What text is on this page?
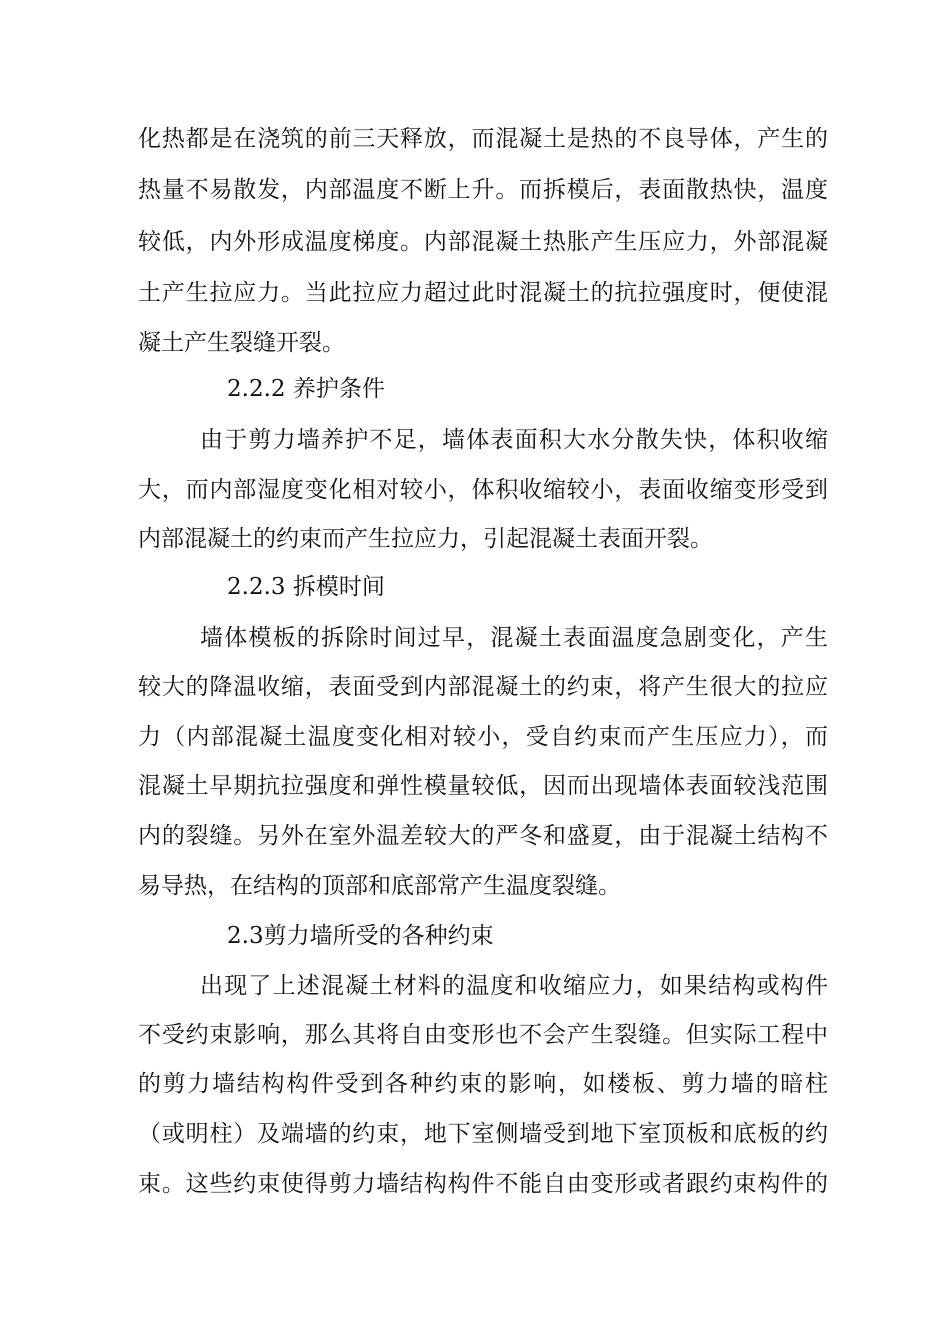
化热都是在浇筑的前三天释放，而混凝土是热的不良导体，产生的
热量不易散发，内部温度不断上升。而拆模后，表面散热快，温度
较低，内外形成温度梯度。内部混凝土热胀产生压应力，外部混凝
土产生拉应力。当此拉应力超过此时混凝土的抗拉强度时，便使混
凝土产生裂缝开裂。
2.2.2 养护条件
由于剪力墙养护不足，墙体表面积大水分散失快，体积收缩
大，而内部湿度变化相对较小，体积收缩较小，表面收缩变形受到
内部混凝土的约束而产生拉应力，引起混凝土表面开裂。
2.2.3 拆模时间
墙体模板的拆除时间过早，混凝土表面温度急剧变化，产生
较大的降温收缩，表面受到内部混凝土的约束，将产生很大的拉应
力（内部混凝土温度变化相对较小，受自约束而产生压应力），而
混凝土早期抗拉强度和弹性模量较低，因而出现墙体表面较浅范围
内的裂缝。另外在室外温差较大的严冬和盛夏，由于混凝土结构不
易导热，在结构的顶部和底部常产生温度裂缝。
2.3剪力墙所受的各种约束
出现了上述混凝土材料的温度和收缩应力，如果结构或构件
不受约束影响，那么其将自由变形也不会产生裂缝。但实际工程中
的剪力墙结构构件受到各种约束的影响，如楼板、剪力墙的暗柱
（或明柱）及端墙的约束，地下室侧墙受到地下室顶板和底板的约
束。这些约束使得剪力墙结构构件不能自由变形或者跟约束构件的
